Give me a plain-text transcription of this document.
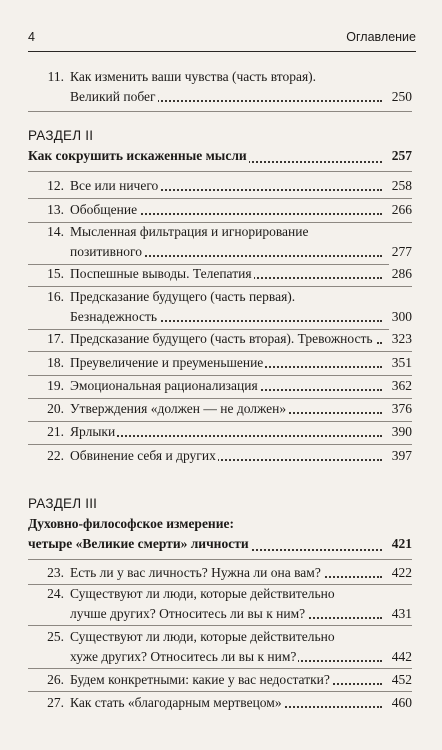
4	Оглавление
11. Как изменить ваши чувства (часть вторая).
Великий побег	250
РАЗДЕЛ II
Как сокрушить искаженные мысли	257
12. Все или ничего	258
13. Обобщение	266
14. Мысленная фильтрация и игнорирование
позитивного	277
15. Поспешные выводы. Телепатия	286
16. Предсказание будущего (часть первая).
Безнадежность	300
17. Предсказание будущего (часть вторая). Тревожность 323
18. Преувеличение и преуменьшение	351
19. Эмоциональная рационализация	362
20. Утверждения «должен — не должен»	376
21. Ярлыки	390
22. Обвинение себя и других	397
РАЗДЕЛ III
Духовно-философское измерение:
четыре «Великие смерти» личности	421
23. Есть ли у вас личность? Нужна ли она вам?	422
24. Существуют ли люди, которые действительно
лучше других? Относитесь ли вы к ним?	431
25. Существуют ли люди, которые действительно
хуже других? Относитесь ли вы к ним?	442
26. Будем конкретными: какие у вас недостатки?	452
27. Как стать «благодарным мертвецом»	460
